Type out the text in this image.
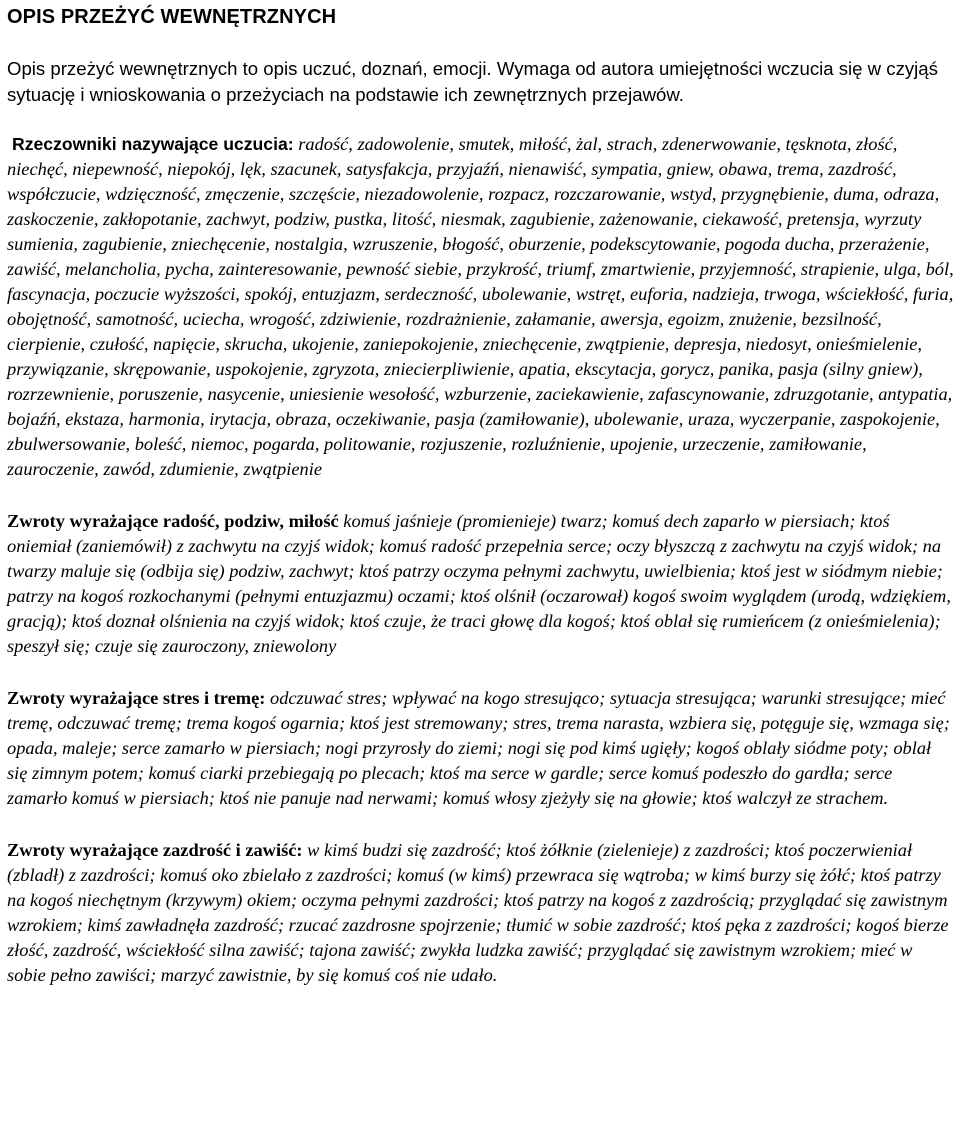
OPIS PRZEŻYĆ WEWNĘTRZNYCH

Opis przeżyć wewnętrznych to opis uczuć, doznań, emocji. Wymaga od autora umiejętności wczucia się w czyjąś sytuację i wnioskowania o przeżyciach na podstawie ich zewnętrznych przejawów.

Rzeczowniki nazywające uczucia: radość, zadowolenie, smutek, miłość, żal, strach, zdenerwowanie, tęsknota, złość, niechęć, niepewność, niepokój, lęk, szacunek, satysfakcja, przyjaźń, nienawiść, sympatia, gniew, obawa, trema, zazdrość, współczucie, wdzięczność, zmęczenie, szczęście, niezadowolenie, rozpacz, rozczarowanie, wstyd, przygnębienie, duma, odraza, zaskoczenie, zakłopotanie, zachwyt, podziw, pustka, litość, niesmak, zagubienie, zażenowanie, ciekawość, pretensja, wyrzuty sumienia, zagubienie, zniechęcenie, nostalgia, wzruszenie, błogość, oburzenie, podekscytowanie, pogoda ducha, przerażenie, zawiść, melancholia, pycha, zainteresowanie, pewność siebie, przykrość, triumf, zmartwienie, przyjemność, strapienie, ulga, ból, fascynacja, poczucie wyższości, spokój, entuzjazm, serdeczność, ubolewanie, wstręt, euforia, nadzieja, trwoga, wściekłość, furia, obojętność, samotność, uciecha, wrogość, zdziwienie, rozdrażnienie, załamanie, awersja, egoizm, znużenie, bezsilność, cierpienie, czułość, napięcie, skrucha, ukojenie, zaniepokojenie, zniechęcenie, zwątpienie, depresja, niedosyt, onieśmielenie, przywiązanie, skrępowanie, uspokojenie, zgryzota, zniecierpliwienie, apatia, ekscytacja, gorycz, panika, pasja (silny gniew), rozrzewnienie, poruszenie, nasycenie, uniesienie wesołość, wzburzenie, zaciekawienie, zafascynowanie, zdruzgotanie, antypatia, bojaźń, ekstaza, harmonia, irytacja, obraza, oczekiwanie, pasja (zamiłowanie), ubolewanie, uraza, wyczerpanie, zaspokojenie, zbulwersowanie, boleść, niemoc, pogarda, politowanie, rozjuszenie, rozluźnienie, upojenie, urzeczenie, zamiłowanie, zauroczenie, zawód, zdumienie, zwątpienie

Zwroty wyrażające radość, podziw, miłość komuś jaśnieje (promienieje) twarz; komuś dech zaparło w piersiach; ktoś oniemiał (zaniemówił) z zachwytu na czyjś widok; komuś radość przepełnia serce; oczy błyszczą z zachwytu na czyjś widok; na twarzy maluje się (odbija się) podziw, zachwyt; ktoś patrzy oczyma pełnymi zachwytu, uwielbienia; ktoś jest w siódmym niebie; patrzy na kogoś rozkochanymi (pełnymi entuzjazmu) oczami; ktoś olśnił (oczarował) kogoś swoim wyglądem (urodą, wdziękiem, gracją); ktoś doznał olśnienia na czyjś widok; ktoś czuje, że traci głowę dla kogoś; ktoś oblał się rumieńcem (z onieśmielenia); speszył się; czuje się zauroczony, zniewolony

Zwroty wyrażające stres i tremę: odczuwać stres; wpływać na kogo stresująco; sytuacja stresująca; warunki stresujące; mieć tremę, odczuwać tremę; trema kogoś ogarnia; ktoś jest stremowany; stres, trema narasta, wzbiera się, potęguje się, wzmaga się; opada, maleje; serce zamarło w piersiach; nogi przyrosły do ziemi; nogi się pod kimś ugięły; kogoś oblały siódme poty; oblał się zimnym potem; komuś ciarki przebiegają po plecach; ktoś ma serce w gardle; serce komuś podeszło do gardła; serce zamarło komuś w piersiach; ktoś nie panuje nad nerwami; komuś włosy zjeżyły się na głowie; ktoś walczył ze strachem.

Zwroty wyrażające zazdrość i zawiść: w kimś budzi się zazdrość; ktoś żółknie (zielenieje) z zazdrości; ktoś poczerwieniał (zbladł) z zazdrości; komuś oko zbielało z zazdrości; komuś (w kimś) przewraca się wątroba; w kimś burzy się żółć; ktoś patrzy na kogoś niechętnym (krzywym) okiem; oczyma pełnymi zazdrości; ktoś patrzy na kogoś z zazdrością; przyglądać się zawistnym wzrokiem; kimś zawładnęła zazdrość; rzucać zazdrosne spojrzenie; tłumić w sobie zazdrość; ktoś pęka z zazdrości; kogoś bierze złość, zazdrość, wściekłość silna zawiść; tajona zawiść; zwykła ludzka zawiść; przyglądać się zawistnym wzrokiem; mieć w sobie pełno zawiści; marzyć zawistnie, by się komuś coś nie udało.
